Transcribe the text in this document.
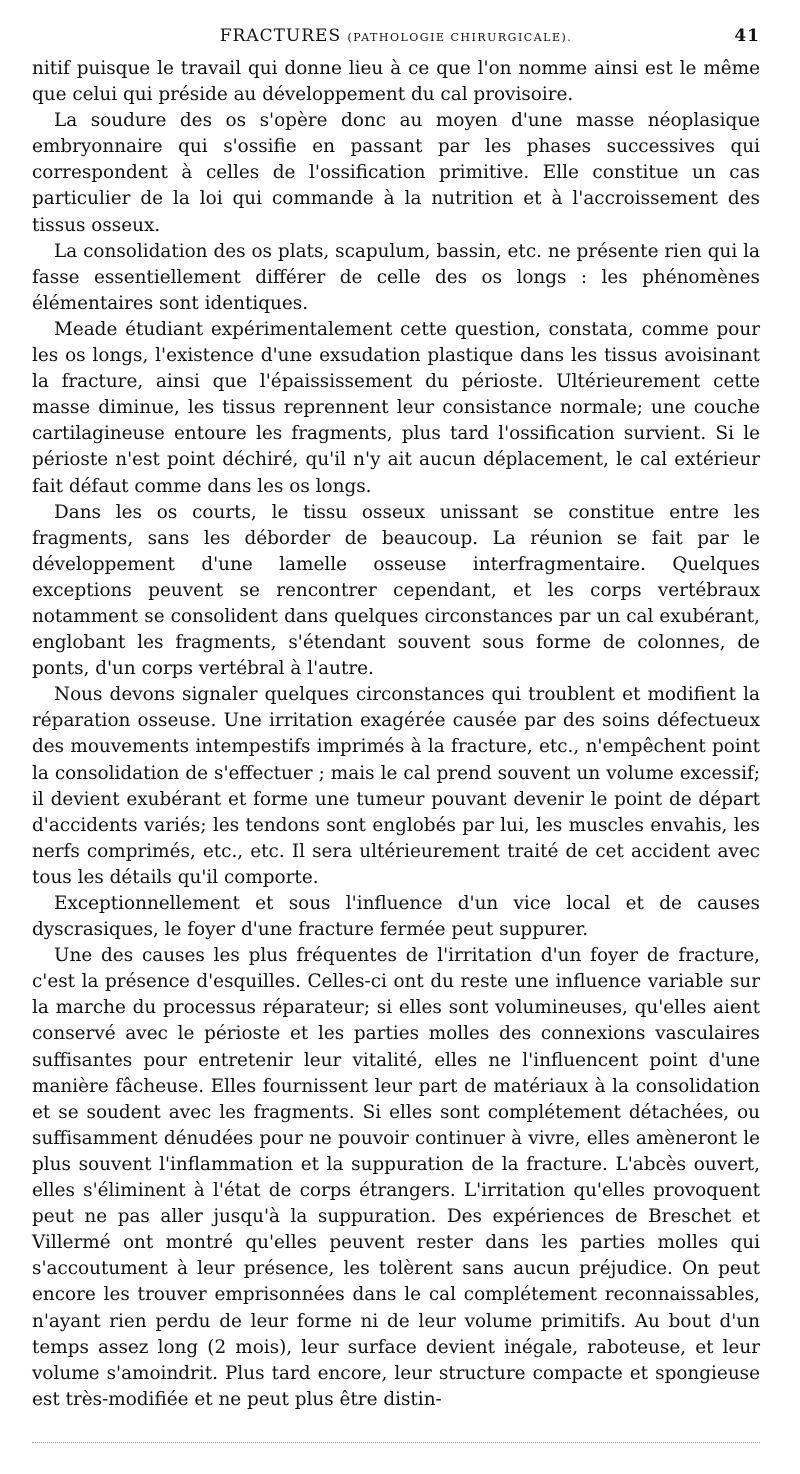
FRACTURES (PATHOLOGIE CHIRURGICALE).	41

nitif puisque le travail qui donne lieu à ce que l'on nomme ainsi est le même que celui qui préside au développement du cal provisoire.

La soudure des os s'opère donc au moyen d'une masse néoplasique embryonnaire qui s'ossifie en passant par les phases successives qui correspondent à celles de l'ossification primitive. Elle constitue un cas particulier de la loi qui commande à la nutrition et à l'accroissement des tissus osseux.

La consolidation des os plats, scapulum, bassin, etc. ne présente rien qui la fasse essentiellement différer de celle des os longs : les phénomènes élémentaires sont identiques.

Meade étudiant expérimentalement cette question, constata, comme pour les os longs, l'existence d'une exsudation plastique dans les tissus avoisinant la fracture, ainsi que l'épaississement du périoste. Ultérieurement cette masse diminue, les tissus reprennent leur consistance normale; une couche cartilagineuse entoure les fragments, plus tard l'ossification survient. Si le périoste n'est point déchiré, qu'il n'y ait aucun déplacement, le cal extérieur fait défaut comme dans les os longs.

Dans les os courts, le tissu osseux unissant se constitue entre les fragments, sans les déborder de beaucoup. La réunion se fait par le développement d'une lamelle osseuse interfragmentaire. Quelques exceptions peuvent se rencontrer cependant, et les corps vertébraux notamment se consolident dans quelques circonstances par un cal exubérant, englobant les fragments, s'étendant souvent sous forme de colonnes, de ponts, d'un corps vertébral à l'autre.

Nous devons signaler quelques circonstances qui troublent et modifient la réparation osseuse. Une irritation exagérée causée par des soins défectueux des mouvements intempestifs imprimés à la fracture, etc., n'empêchent point la consolidation de s'effectuer ; mais le cal prend souvent un volume excessif; il devient exubérant et forme une tumeur pouvant devenir le point de départ d'accidents variés; les tendons sont englobés par lui, les muscles envahis, les nerfs comprimés, etc., etc. Il sera ultérieurement traité de cet accident avec tous les détails qu'il comporte.

Exceptionnellement et sous l'influence d'un vice local et de causes dyscrasiques, le foyer d'une fracture fermée peut suppurer.

Une des causes les plus fréquentes de l'irritation d'un foyer de fracture, c'est la présence d'esquilles. Celles-ci ont du reste une influence variable sur la marche du processus réparateur; si elles sont volumineuses, qu'elles aient conservé avec le périoste et les parties molles des connexions vasculaires suffisantes pour entretenir leur vitalité, elles ne l'influencent point d'une manière fâcheuse. Elles fournissent leur part de matériaux à la consolidation et se soudent avec les fragments. Si elles sont complétement détachées, ou suffisamment dénudées pour ne pouvoir continuer à vivre, elles amèneront le plus souvent l'inflammation et la suppuration de la fracture. L'abcès ouvert, elles s'éliminent à l'état de corps étrangers. L'irritation qu'elles provoquent peut ne pas aller jusqu'à la suppuration. Des expériences de Breschet et Villermé ont montré qu'elles peuvent rester dans les parties molles qui s'accoutument à leur présence, les tolèrent sans aucun préjudice. On peut encore les trouver emprisonnées dans le cal complétement reconnaissables, n'ayant rien perdu de leur forme ni de leur volume primitifs. Au bout d'un temps assez long (2 mois), leur surface devient inégale, raboteuse, et leur volume s'amoindrit. Plus tard encore, leur structure compacte et spongieuse est très-modifiée et ne peut plus être distin-
